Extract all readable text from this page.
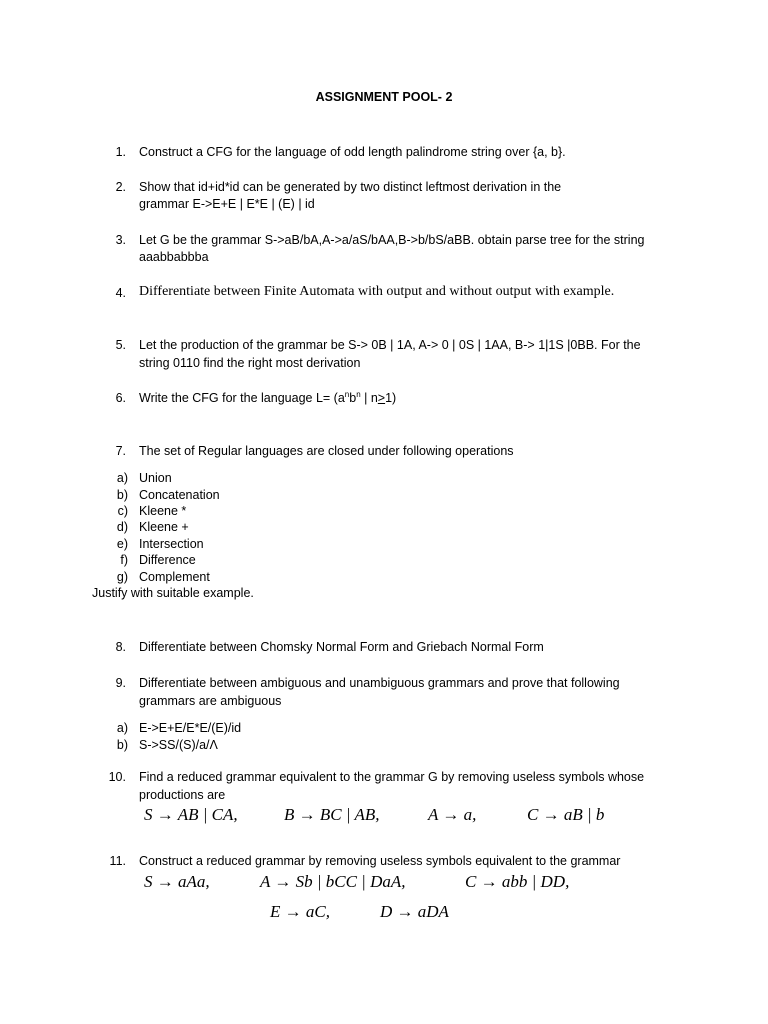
ASSIGNMENT POOL- 2
1. Construct a CFG for the language of odd length palindrome string over {a, b}.
2. Show that id+id*id can be generated by two distinct leftmost derivation in the
grammar E->E+E | E*E | (E) | id
3. Let G be the grammar S->aB/bA,A->a/aS/bAA,B->b/bS/aBB. obtain parse tree for the string
aaabbabbba
4. Differentiate between Finite Automata with output and without output with example.
5. Let the production of the grammar be S-> 0B | 1A, A-> 0 | 0S | 1AA, B-> 1|1S |0BB. For the
string 0110 find the right most derivation
6. Write the CFG for the language $L= (a^nb^n$ | n≥1)
7. The set of Regular languages are closed under following operations
a) Union
b) Concatenation
c) Kleene *
d) Kleene +
e) Intersection
f) Difference
g) Complement
Justify with suitable example.
8. Differentiate between Chomsky Normal Form and Griebach Normal Form
9. Differentiate between ambiguous and unambiguous grammars and prove that following
grammars are ambiguous
a) E->E+E/E*E/(E)/id
b) S->SS/(S)/a/Λ
10. Find a reduced grammar equivalent to the grammar G by removing useless symbols whose
productions are
S → AB | CA,	B → BC | AB,	A → a,	C → aB | b
11. Construct a reduced grammar by removing useless symbols equivalent to the grammar
S → aAa,	A → Sb | bCC | DaA,	C → abb | DD,
E → aC,	D → aDA
